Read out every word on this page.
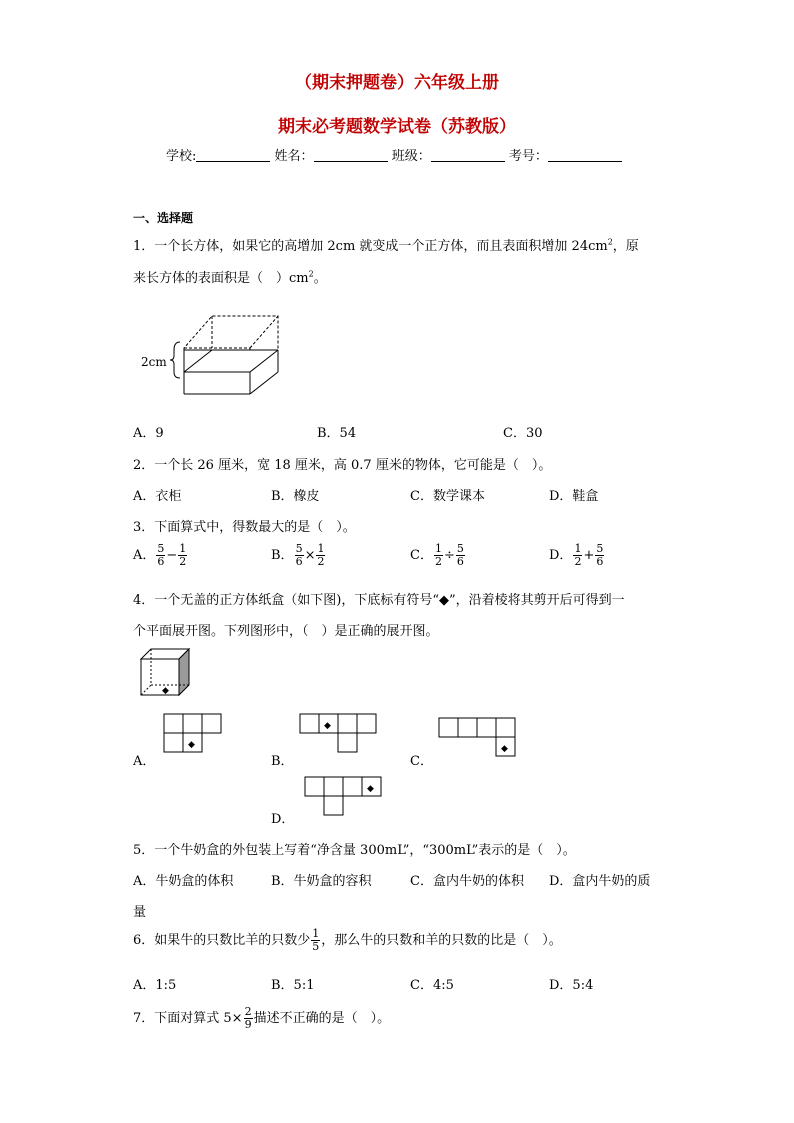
（期末押题卷）六年级上册
期末必考题数学试卷（苏教版）
学校:	姓名：	班级：	考号：
一、选择题
1．一个长方体，如果它的高增加 2cm 就变成一个正方体，而且表面积增加 $24cm^2$，原
来长方体的表面积是（　）$cm^2$。
2cm
A．9	B．54	C．30
2．一个长 26 厘米，宽 18 厘米，高 0.7 厘米的物体，它可能是（　）。
A．衣柜	B．橡皮	C．数学课本	D．鞋盒
3．下面算式中，得数最大的是（　）。
A． $\frac{5}{6} - \frac{1}{2}$	B． $\frac{5}{6} \times \frac{1}{2}$	C． $\frac{1}{2} \div \frac{5}{6}$	D． $\frac{1}{2} + \frac{5}{6}$
4．一个无盖的正方体纸盒（如下图)，下底标有符号“◆”，沿着棱将其剪开后可得到一
个平面展开图。下列图形中，（　）是正确的展开图。
◆
A．
◆
B．
◆
C．
◆
D．
◆
5．一个牛奶盒的外包装上写着“净含量 300mL”，“300mL”表示的是（　）。
A．牛奶盒的体积	B．牛奶盒的容积	C．盒内牛奶的体积 D．盒内牛奶的质
量
6．如果牛的只数比羊的只数少 $\frac{1}{5}$ ，那么牛的只数和羊的只数的比是（　）。
A．1:5	B．5:1	C．4:5	D．5:4
7．下面对算式 $5\times \frac{2}{9}$ 描述不正确的是（　）。
